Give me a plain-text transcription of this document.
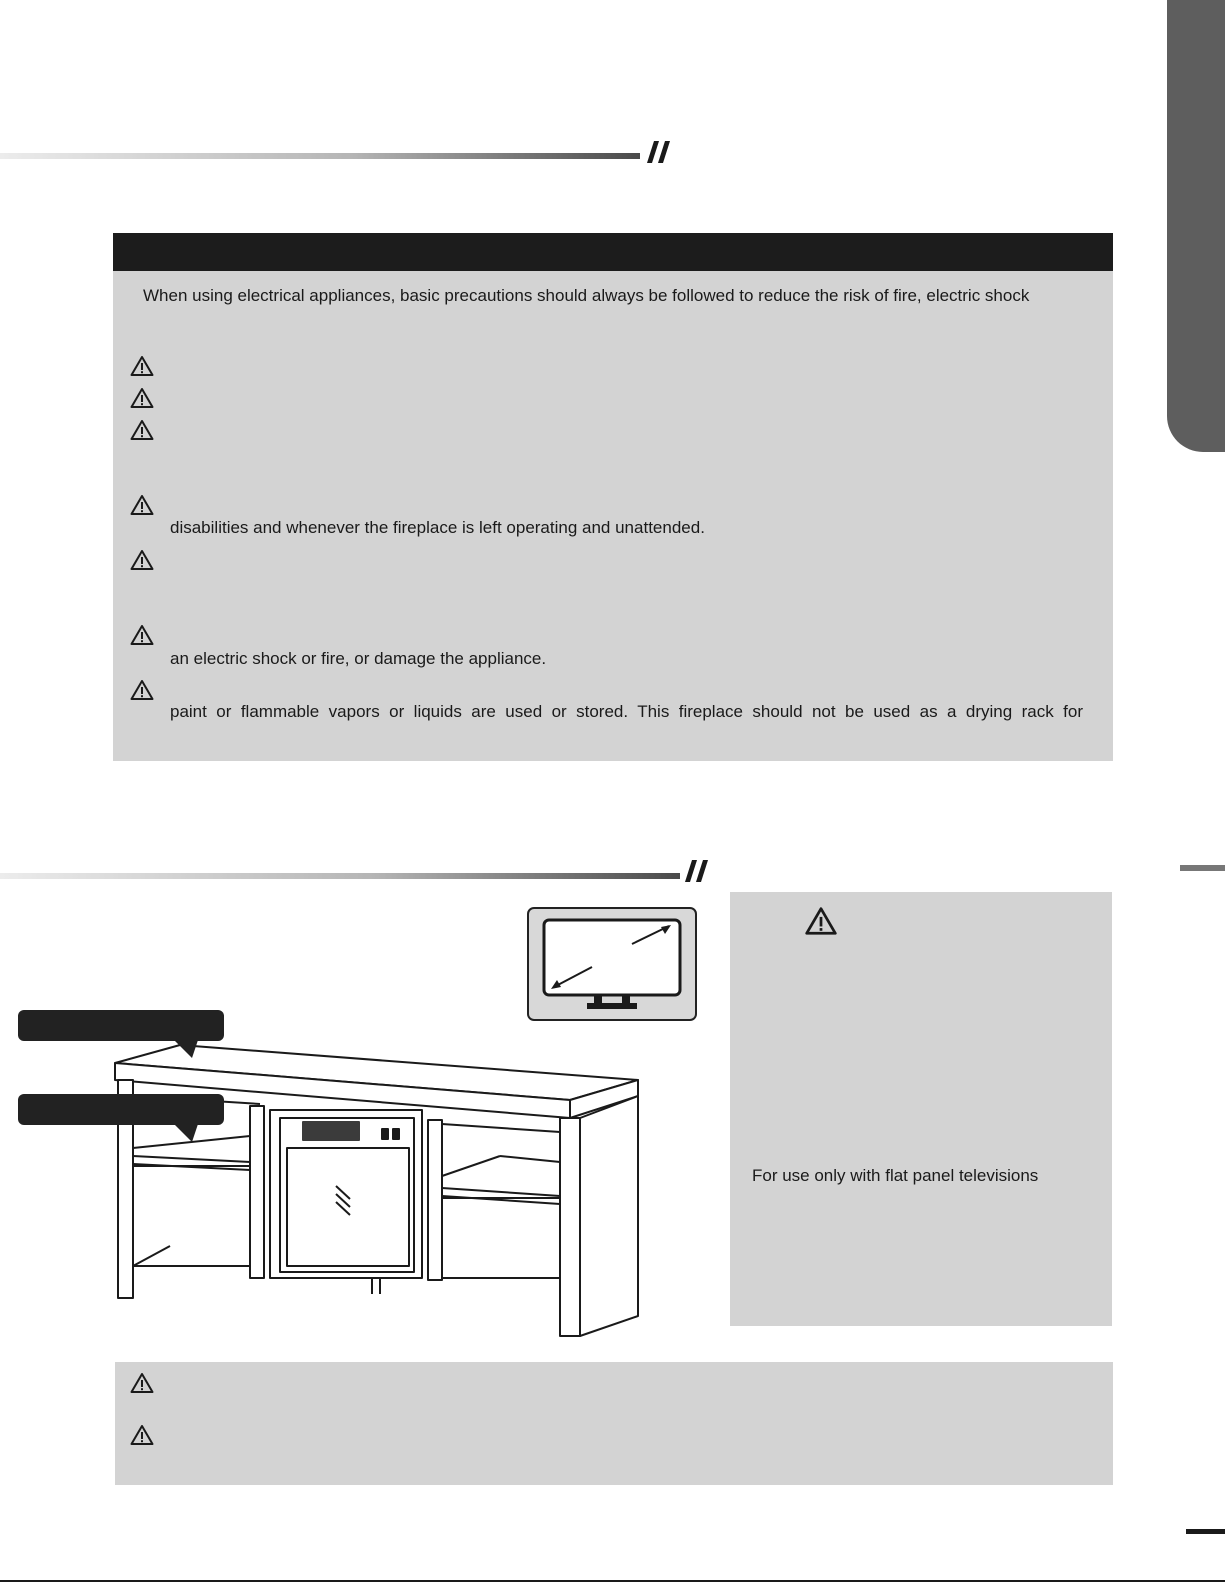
When using electrical appliances, basic precautions should always be followed to reduce the risk of fire, electric shock

disabilities and whenever the fireplace is left operating and unattended.

an electric shock or fire, or damage the appliance.

paint or flammable vapors or liquids are used or stored. This fireplace should not be used as a drying rack for

For use only with flat panel televisions
